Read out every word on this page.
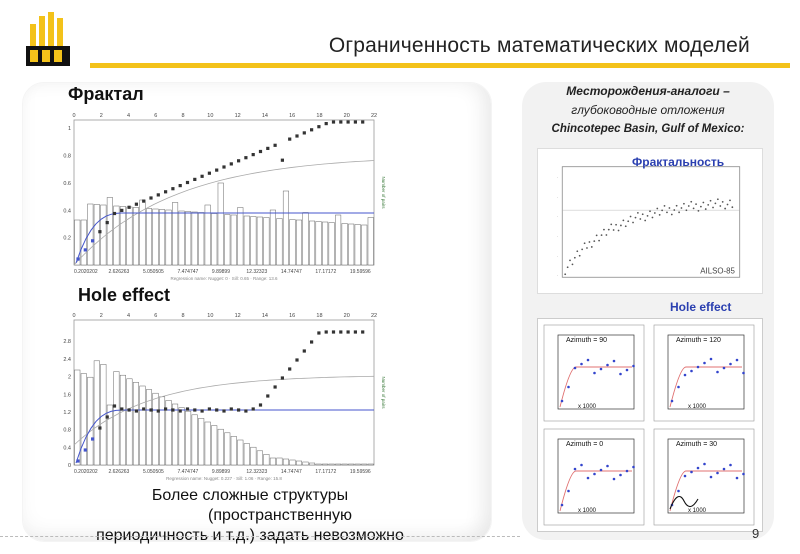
Ограниченность математических моделей
Фрактал
0	2	4	6	8	10	12	14	16	18	20	22
0.2020202 2.626263	5.050505	7.474747	9.89899	12.32323	14.74747	17.17172	19.59596
0.2
0.4
0.6
0.8
1
Regression name: Nugget: 0 · Sill: 0.65 · Range: 13.6
Number of pairs
Hole effect
0	2	4	6	8	10	12	14	16	18	20	22
0.2020202 2.626263	5.050505	7.474747	9.89899	12.32323	14.74747	17.17172	19.59596
0
0.4
0.8
1.2
1.6
2
2.4
2.8
Regression name: Nugget: 0.227 · Sill: 1.06 · Range: 15.8
Number of pairs
Более сложные структуры
(пространственную
периодичность и т.д.) задать невозможно
Месторождения-аналоги –
глубоководные отложения
Chincotepec Basin, Gulf of Mexico:
·
·
·
·
·
·
AILSO-85
Фрактальность
Hole effect
Azimuth = 90
x 1000
Azimuth = 120
x 1000
Azimuth = 0
x 1000
Azimuth = 30
x 1000
9
